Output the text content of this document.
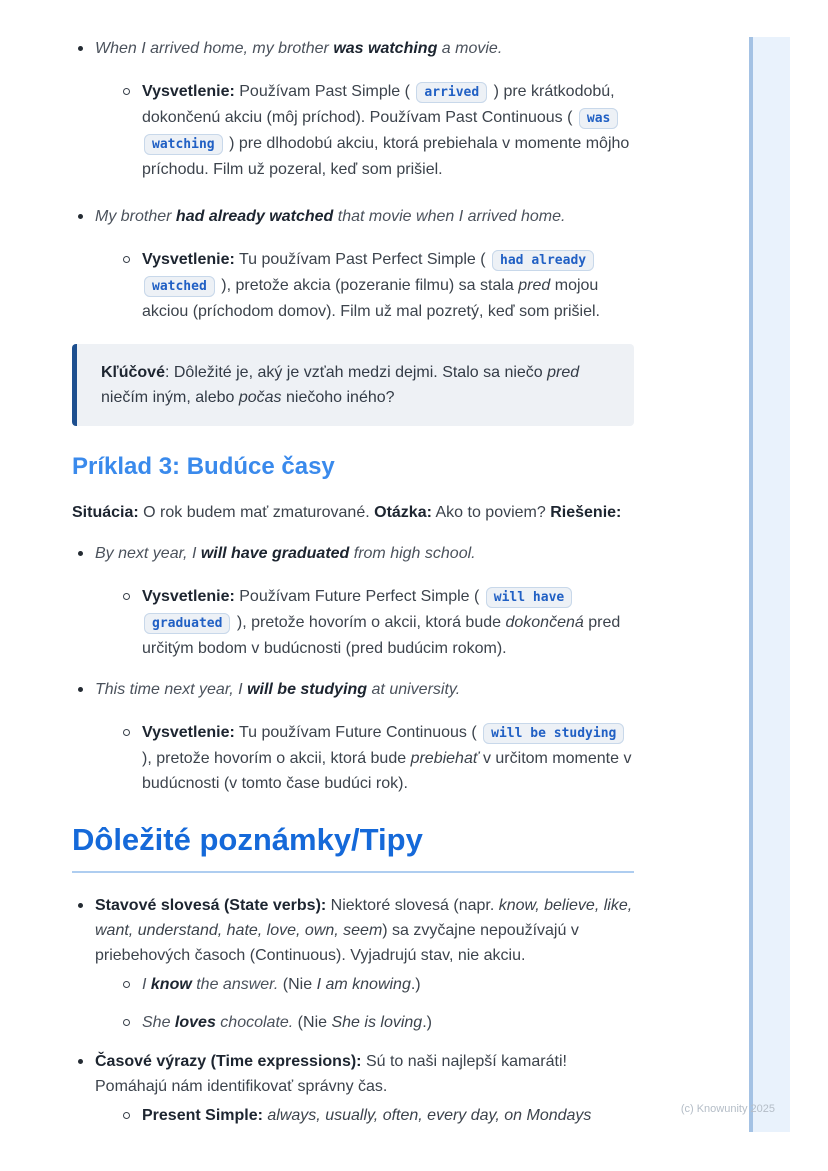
When I arrived home, my brother was watching a movie.
Vysvetlenie: Používam Past Simple ( arrived ) pre krátkodobú, dokončenú akciu (môj príchod). Používam Past Continuous ( was watching ) pre dlhodobú akciu, ktorá prebiehala v momente môjho príchodu. Film už pozeral, keď som prišiel.
My brother had already watched that movie when I arrived home.
Vysvetlenie: Tu používam Past Perfect Simple ( had already watched ), pretože akcia (pozeranie filmu) sa stala pred mojou akciou (príchodom domov). Film už mal pozretý, keď som prišiel.
Kľúčové: Dôležité je, aký je vzťah medzi dejmi. Stalo sa niečo pred niečím iným, alebo počas niečoho iného?
Príklad 3: Budúce časy

Situácia: O rok budem mať zmaturované. Otázka: Ako to poviem? Riešenie:

By next year, I will have graduated from high school.
Vysvetlenie: Používam Future Perfect Simple ( will have graduated ), pretože hovorím o akcii, ktorá bude dokončená pred určitým bodom v budúcnosti (pred budúcim rokom).
This time next year, I will be studying at university.
Vysvetlenie: Tu používam Future Continuous ( will be studying ), pretože hovorím o akcii, ktorá bude prebiehať v určitom momente v budúcnosti (v tomto čase budúci rok).
Dôležité poznámky/Tipy
Stavové slovesá (State verbs): Niektoré slovesá (napr. know, believe, like, want, understand, hate, love, own, seem) sa zvyčajne nepoužívajú v priebehových časoch (Continuous). Vyjadrujú stav, nie akciu.
I know the answer. (Nie I am knowing.)
She loves chocolate. (Nie She is loving.)
Časové výrazy (Time expressions): Sú to naši najlepší kamaráti! Pomáhajú nám identifikovať správny čas.
Present Simple: always, usually, often, every day, on Mondays	(c) Knowunity 2025
